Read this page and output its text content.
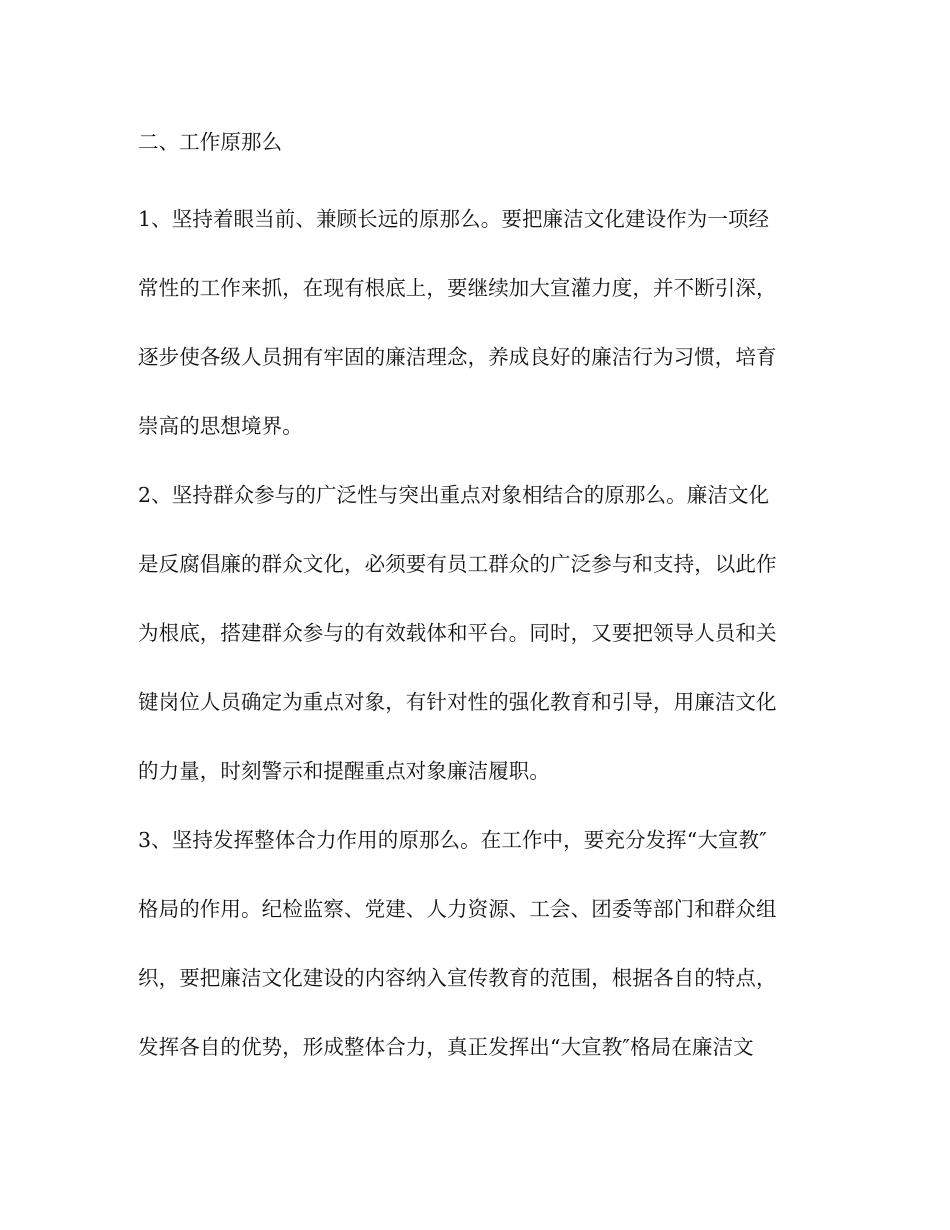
二、工作原那么
1、坚持着眼当前、兼顾长远的原那么。要把廉洁文化建设作为一项经
常性的工作来抓，在现有根底上，要继续加大宣灌力度，并不断引深，
逐步使各级人员拥有牢固的廉洁理念，养成良好的廉洁行为习惯，培育
崇高的思想境界。
2、坚持群众参与的广泛性与突出重点对象相结合的原那么。廉洁文化
是反腐倡廉的群众文化，必须要有员工群众的广泛参与和支持，以此作
为根底，搭建群众参与的有效载体和平台。同时，又要把领导人员和关
键岗位人员确定为重点对象，有针对性的强化教育和引导，用廉洁文化
的力量，时刻警示和提醒重点对象廉洁履职。
3、坚持发挥整体合力作用的原那么。在工作中，要充分发挥“大宣教″
格局的作用。纪检监察、党建、人力资源、工会、团委等部门和群众组
织，要把廉洁文化建设的内容纳入宣传教育的范围，根据各自的特点，
发挥各自的优势，形成整体合力，真正发挥出“大宣教″格局在廉洁文
